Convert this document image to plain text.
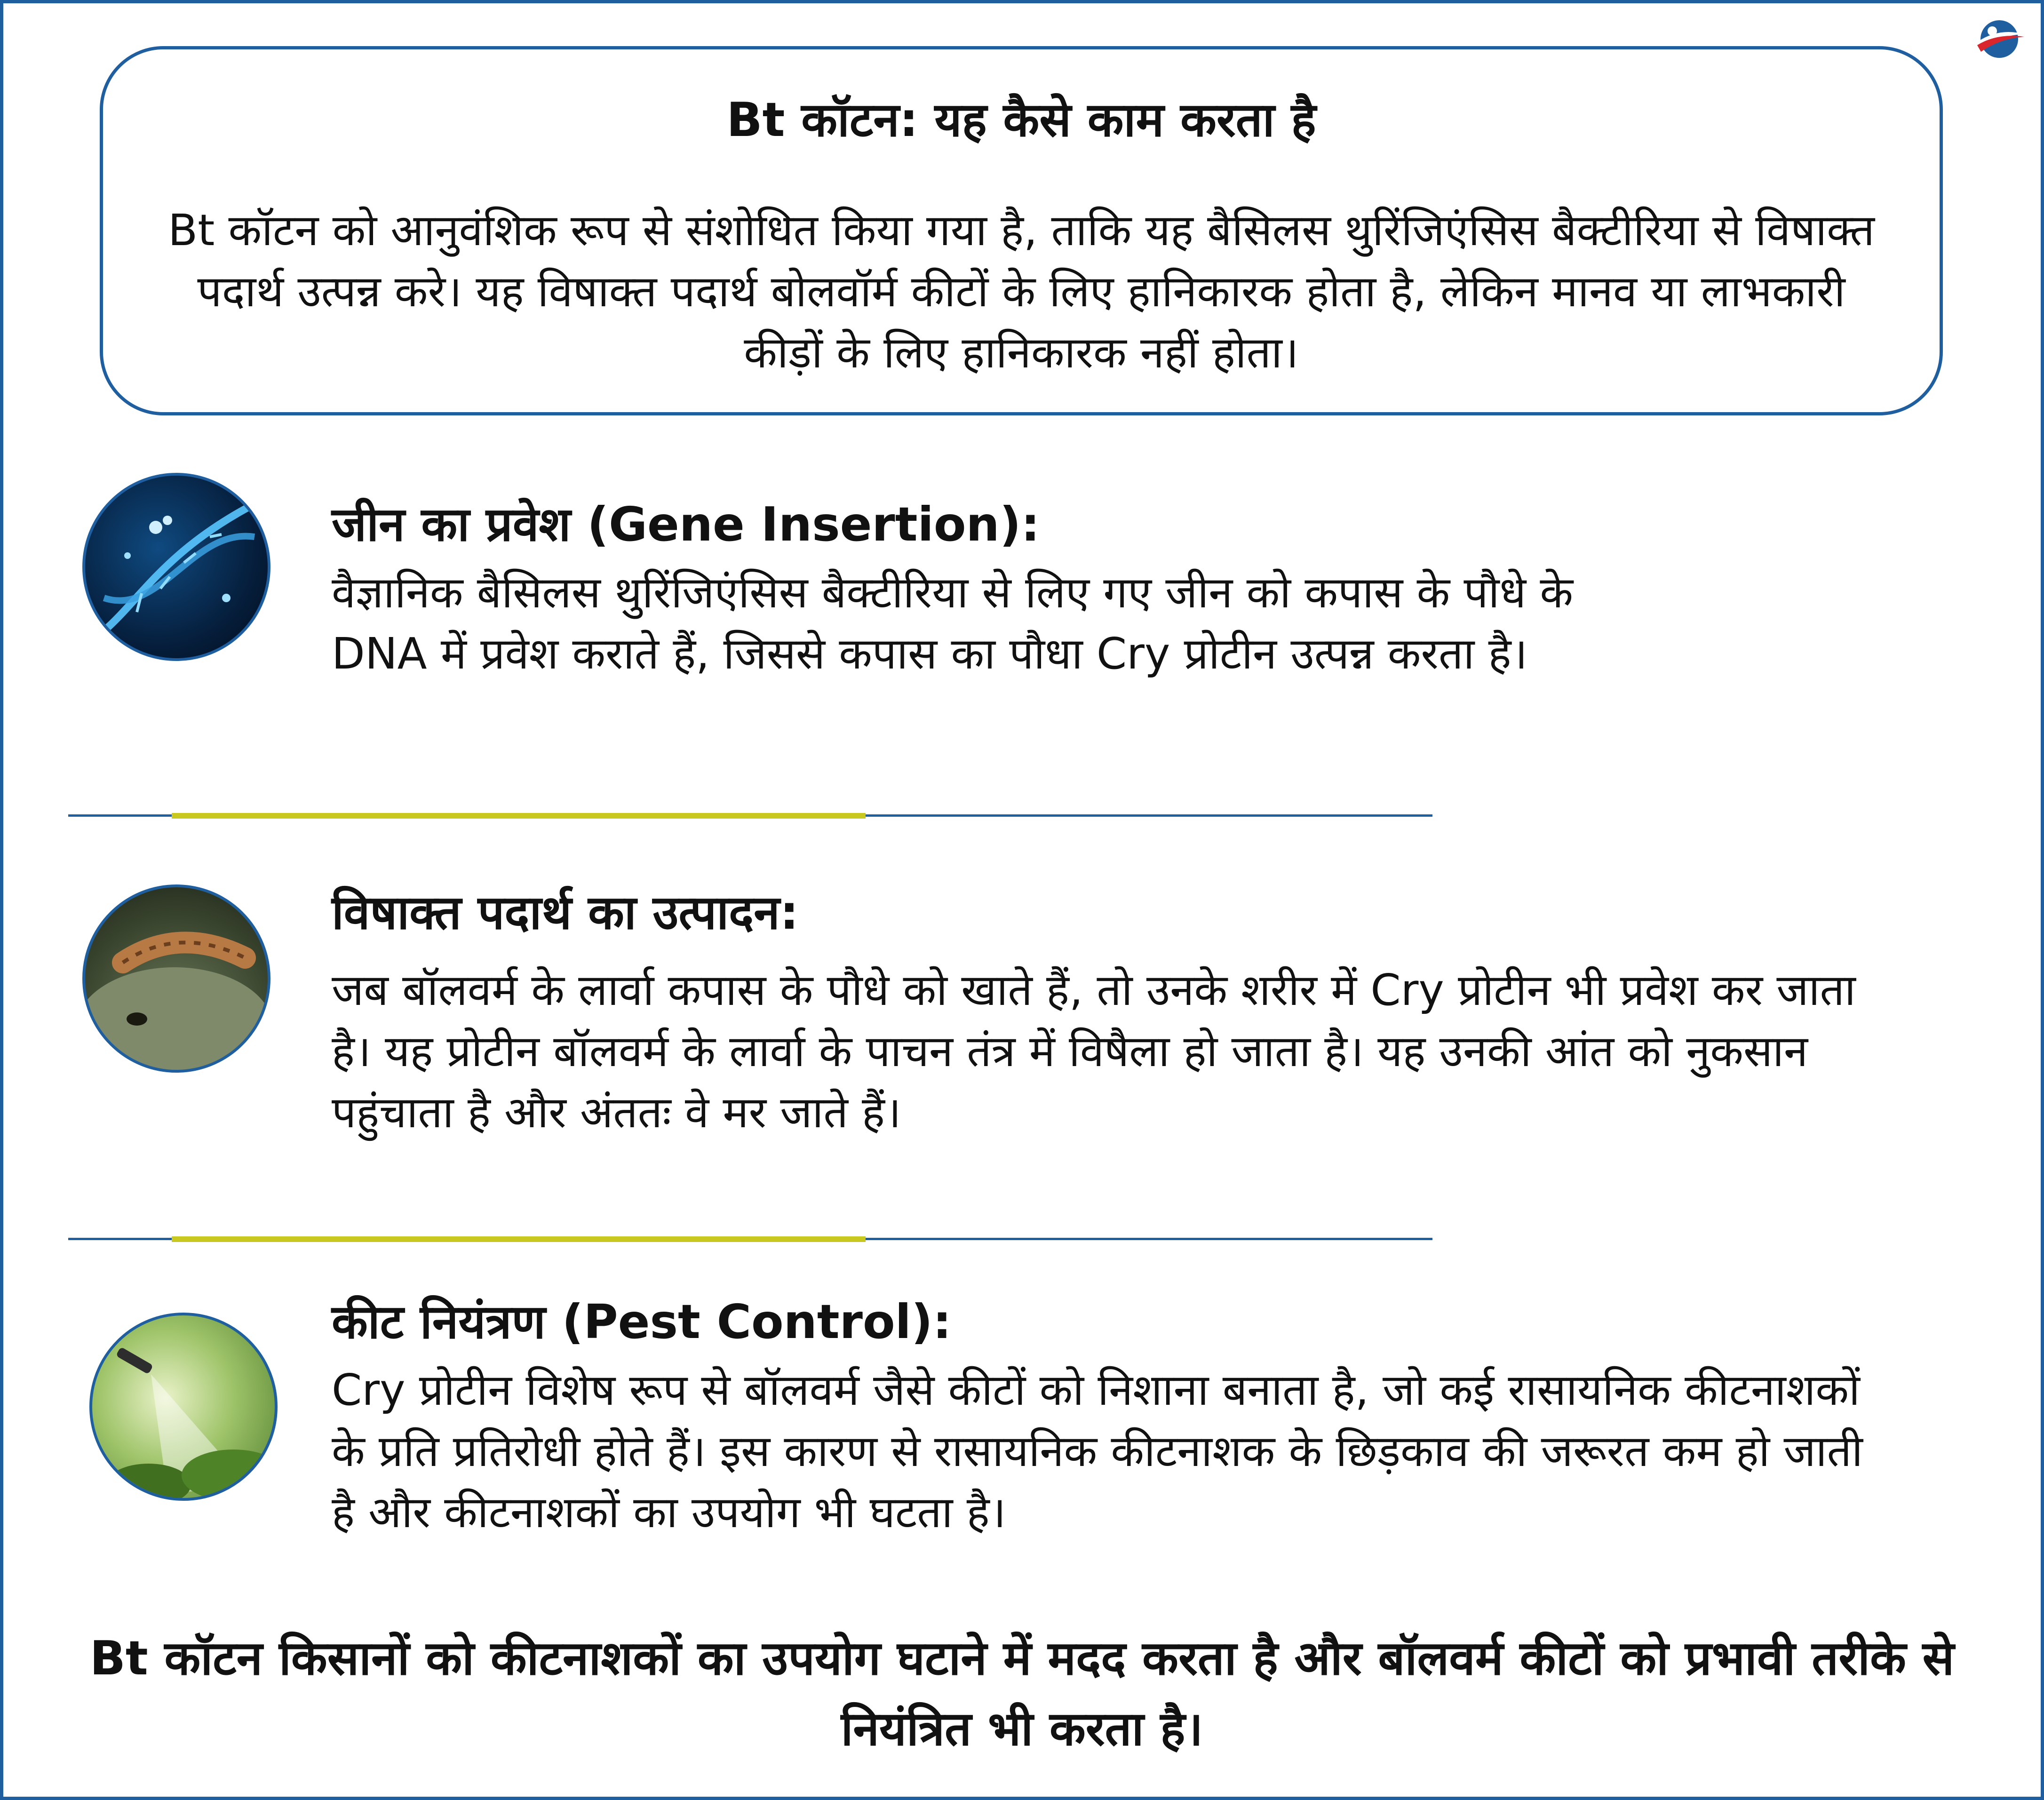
Bt कॉटन: यह कैसे काम करता है
Bt कॉटन को आनुवंशिक रूप से संशोधित किया गया है, ताकि यह बैसिलस थुरिंजिएंसिस बैक्टीरिया से विषाक्त पदार्थ उत्पन्न करे। यह विषाक्त पदार्थ बोलवॉर्म कीटों के लिए हानिकारक होता है, लेकिन मानव या लाभकारी कीड़ों के लिए हानिकारक नहीं होता।
जीन का प्रवेश (Gene Insertion):
वैज्ञानिक बैसिलस थुरिंजिएंसिस बैक्टीरिया से लिए गए जीन को कपास के पौधे के DNA में प्रवेश कराते हैं, जिससे कपास का पौधा Cry प्रोटीन उत्पन्न करता है।
विषाक्त पदार्थ का उत्पादन:
जब बॉलवर्म के लार्वा कपास के पौधे को खाते हैं, तो उनके शरीर में Cry प्रोटीन भी प्रवेश कर जाता है। यह प्रोटीन बॉलवर्म के लार्वा के पाचन तंत्र में विषैला हो जाता है। यह उनकी आंत को नुकसान पहुंचाता है और अंततः वे मर जाते हैं।
कीट नियंत्रण (Pest Control):
Cry प्रोटीन विशेष रूप से बॉलवर्म जैसे कीटों को निशाना बनाता है, जो कई रासायनिक कीटनाशकों के प्रति प्रतिरोधी होते हैं। इस कारण से रासायनिक कीटनाशक के छिड़काव की जरूरत कम हो जाती है और कीटनाशकों का उपयोग भी घटता है।
Bt कॉटन किसानों को कीटनाशकों का उपयोग घटाने में मदद करता है और बॉलवर्म कीटों को प्रभावी तरीके से नियंत्रित भी करता है।
